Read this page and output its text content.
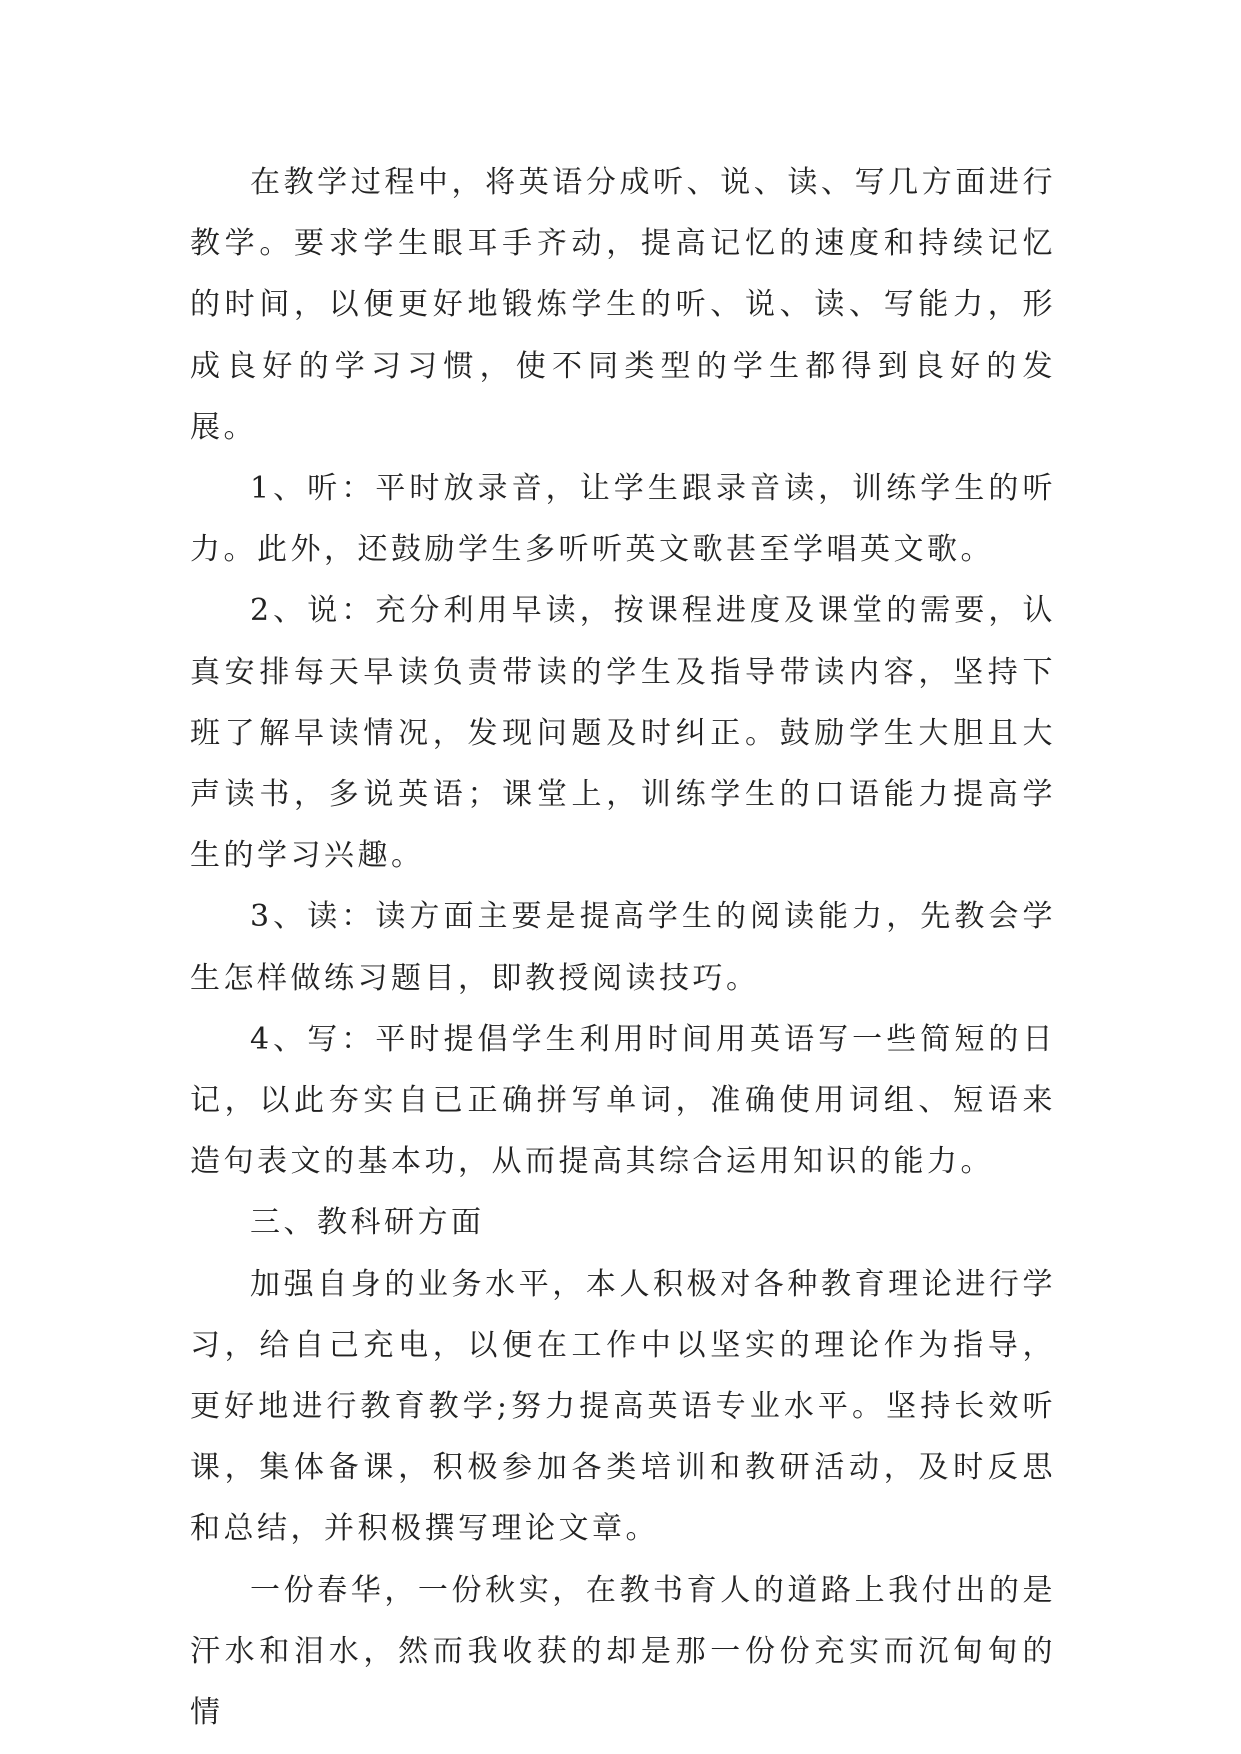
在教学过程中，将英语分成听、说、读、写几方面进行教学。要求学生眼耳手齐动，提高记忆的速度和持续记忆的时间，以便更好地锻炼学生的听、说、读、写能力，形成良好的学习习惯，使不同类型的学生都得到良好的发展。

1、听：平时放录音，让学生跟录音读，训练学生的听力。此外，还鼓励学生多听听英文歌甚至学唱英文歌。

2、说：充分利用早读，按课程进度及课堂的需要，认真安排每天早读负责带读的学生及指导带读内容，坚持下班了解早读情况，发现问题及时纠正。鼓励学生大胆且大声读书，多说英语；课堂上，训练学生的口语能力提高学生的学习兴趣。

3、读：读方面主要是提高学生的阅读能力，先教会学生怎样做练习题目，即教授阅读技巧。

4、写：平时提倡学生利用时间用英语写一些简短的日记，以此夯实自已正确拼写单词，准确使用词组、短语来造句表文的基本功，从而提高其综合运用知识的能力。

三、教科研方面

加强自身的业务水平，本人积极对各种教育理论进行学习，给自己充电，以便在工作中以坚实的理论作为指导，更好地进行教育教学;努力提高英语专业水平。坚持长效听课，集体备课，积极参加各类培训和教研活动，及时反思和总结，并积极撰写理论文章。

一份春华，一份秋实，在教书育人的道路上我付出的是汗水和泪水，然而我收获的却是那一份份充实而沉甸甸的情
